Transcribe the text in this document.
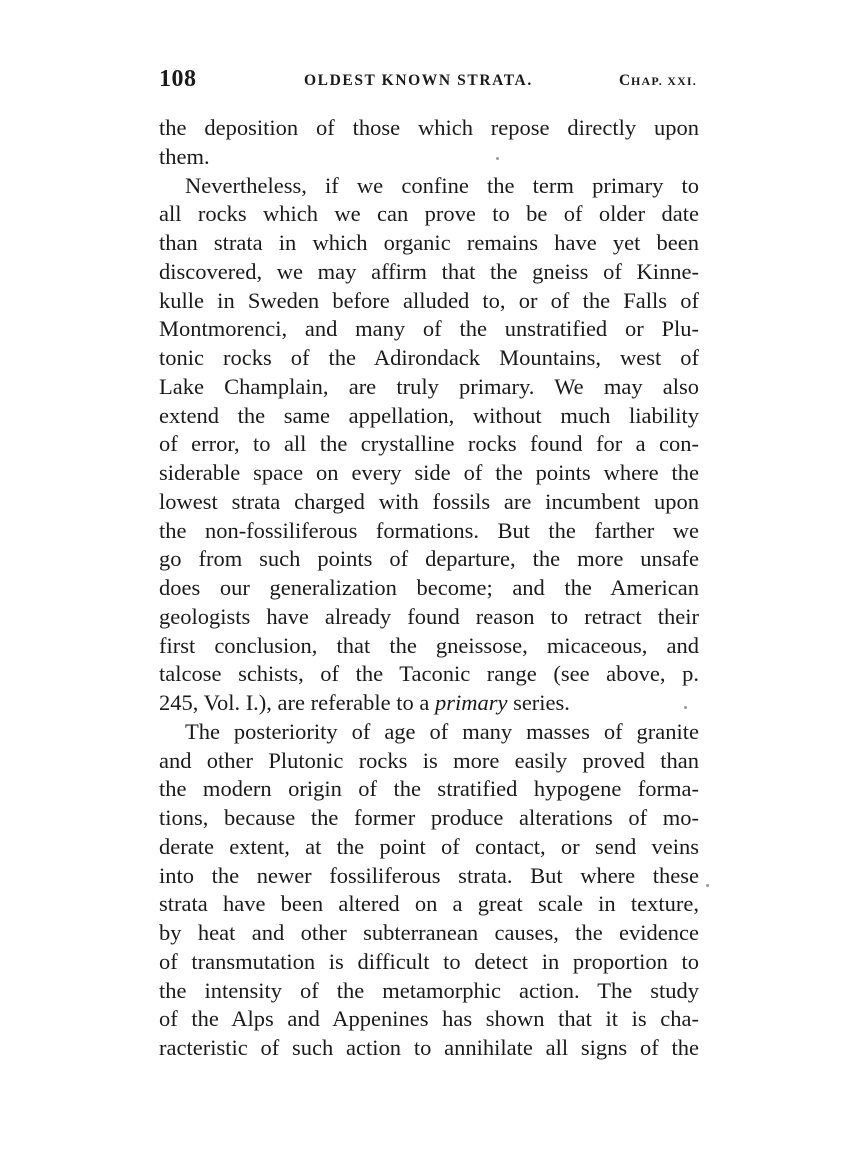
108	OLDEST KNOWN STRATA.	CHAP. XXI.
the deposition of those which repose directly upon
them.
Nevertheless, if we confine the term primary to
all rocks which we can prove to be of older date
than strata in which organic remains have yet been
discovered, we may affirm that the gneiss of Kinne-
kulle in Sweden before alluded to, or of the Falls of
Montmorenci, and many of the unstratified or Plu-
tonic rocks of the Adirondack Mountains, west of
Lake Champlain, are truly primary. We may also
extend the same appellation, without much liability
of error, to all the crystalline rocks found for a con-
siderable space on every side of the points where the
lowest strata charged with fossils are incumbent upon
the non-fossiliferous formations. But the farther we
go from such points of departure, the more unsafe
does our generalization become; and the American
geologists have already found reason to retract their
first conclusion, that the gneissose, micaceous, and
talcose schists, of the Taconic range (see above, p.
245, Vol. I.), are referable to a primary series.
The posteriority of age of many masses of granite
and other Plutonic rocks is more easily proved than
the modern origin of the stratified hypogene forma-
tions, because the former produce alterations of mo-
derate extent, at the point of contact, or send veins
into the newer fossiliferous strata. But where these
strata have been altered on a great scale in texture,
by heat and other subterranean causes, the evidence
of transmutation is difficult to detect in proportion to
the intensity of the metamorphic action. The study
of the Alps and Appenines has shown that it is cha-
racteristic of such action to annihilate all signs of the
